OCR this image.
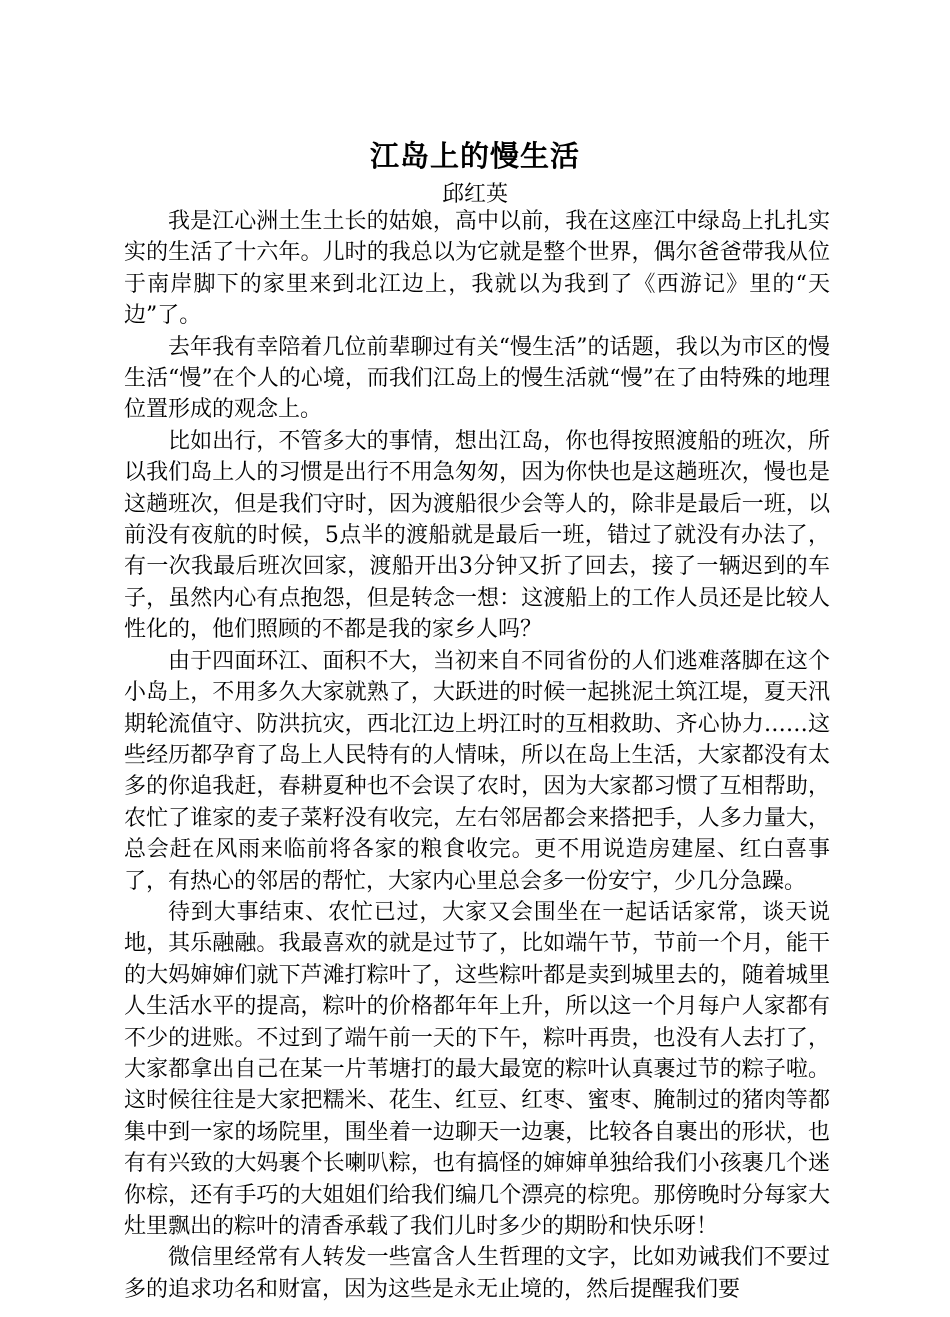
江岛上的慢生活
邱红英

我是江心洲土生土长的姑娘，高中以前，我在这座江中绿岛上扎扎实实的生活了十六年。儿时的我总以为它就是整个世界，偶尔爸爸带我从位于南岸脚下的家里来到北江边上，我就以为我到了《西游记》里的“天边”了。

去年我有幸陪着几位前辈聊过有关“慢生活”的话题，我以为市区的慢生活“慢”在个人的心境，而我们江岛上的慢生活就“慢”在了由特殊的地理位置形成的观念上。

比如出行，不管多大的事情，想出江岛，你也得按照渡船的班次，所以我们岛上人的习惯是出行不用急匆匆，因为你快也是这趟班次，慢也是这趟班次，但是我们守时，因为渡船很少会等人的，除非是最后一班，以前没有夜航的时候，5点半的渡船就是最后一班，错过了就没有办法了，有一次我最后班次回家，渡船开出3分钟又折了回去，接了一辆迟到的车子，虽然内心有点抱怨，但是转念一想：这渡船上的工作人员还是比较人性化的，他们照顾的不都是我的家乡人吗？

由于四面环江、面积不大，当初来自不同省份的人们逃难落脚在这个小岛上，不用多久大家就熟了，大跃进的时候一起挑泥土筑江堤，夏天汛期轮流值守、防洪抗灾，西北江边上坍江时的互相救助、齐心协力……这些经历都孕育了岛上人民特有的人情味，所以在岛上生活，大家都没有太多的你追我赶，春耕夏种也不会误了农时，因为大家都习惯了互相帮助，农忙了谁家的麦子菜籽没有收完，左右邻居都会来搭把手，人多力量大，总会赶在风雨来临前将各家的粮食收完。更不用说造房建屋、红白喜事了，有热心的邻居的帮忙，大家内心里总会多一份安宁，少几分急躁。

待到大事结束、农忙已过，大家又会围坐在一起话话家常，谈天说地，其乐融融。我最喜欢的就是过节了，比如端午节，节前一个月，能干的大妈婶婶们就下芦滩打粽叶了，这些粽叶都是卖到城里去的，随着城里人生活水平的提高，粽叶的价格都年年上升，所以这一个月每户人家都有不少的进账。不过到了端午前一天的下午，粽叶再贵，也没有人去打了，大家都拿出自己在某一片苇塘打的最大最宽的粽叶认真裹过节的粽子啦。这时候往往是大家把糯米、花生、红豆、红枣、蜜枣、腌制过的猪肉等都集中到一家的场院里，围坐着一边聊天一边裹，比较各自裹出的形状，也有有兴致的大妈裹个长喇叭粽，也有搞怪的婶婶单独给我们小孩裹几个迷你棕，还有手巧的大姐姐们给我们编几个漂亮的棕兜。那傍晚时分每家大灶里飘出的粽叶的清香承载了我们儿时多少的期盼和快乐呀！

微信里经常有人转发一些富含人生哲理的文字，比如劝诫我们不要过多的追求功名和财富，因为这些是永无止境的，然后提醒我们要
